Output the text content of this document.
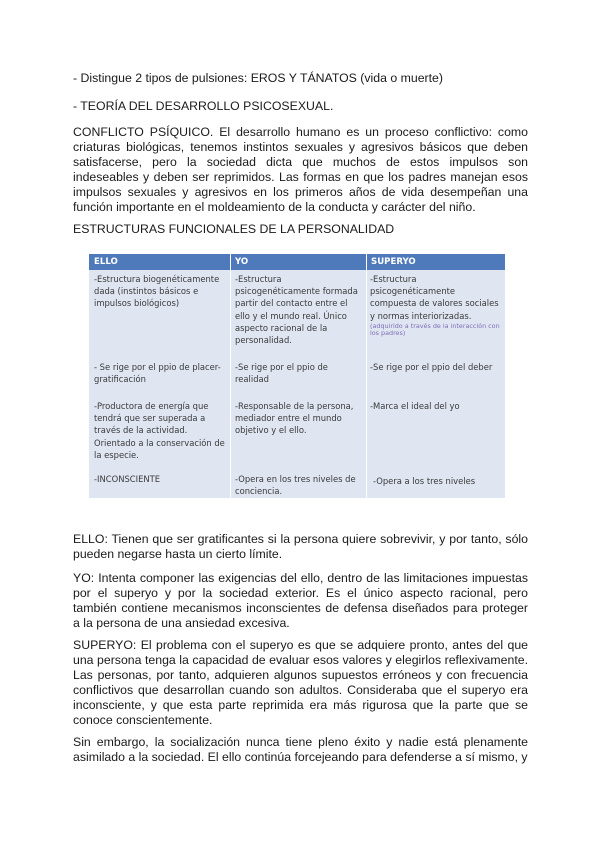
- Distingue 2 tipos de pulsiones: EROS Y TÁNATOS (vida o muerte)
- TEORÍA DEL DESARROLLO PSICOSEXUAL.

CONFLICTO PSÍQUICO. El desarrollo humano es un proceso conflictivo: como criaturas biológicas, tenemos instintos sexuales y agresivos básicos que deben satisfacerse, pero la sociedad dicta que muchos de estos impulsos son indeseables y deben ser reprimidos. Las formas en que los padres manejan esos impulsos sexuales y agresivos en los primeros años de vida desempeñan una función importante en el moldeamiento de la conducta y carácter del niño.

ESTRUCTURAS FUNCIONALES DE LA PERSONALIDAD
ELLO	YO	SUPERYO
-Estructura biogenéticamente dada (instintos básicos e impulsos biológicos)
- Se rige por el ppio de placer-gratificación
-Productora de energía que tendrá que ser superada a través de la actividad. Orientado a la conservación de la especie.
-INCONSCIENTE
-Estructura psicogenéticamente formada partir del contacto entre el ello y el mundo real. Único aspecto racional de la personalidad.
-Se rige por el ppio de realidad
-Responsable de la persona, mediador entre el mundo objetivo y el ello.
-Opera en los tres niveles de conciencia.
-Estructura psicogenéticamente compuesta de valores sociales y normas interiorizadas.
(adquirido a través de la interacción con los padres)
-Se rige por el ppio del deber
-Marca el ideal del yo
-Opera a los tres niveles

ELLO: Tienen que ser gratificantes si la persona quiere sobrevivir, y por tanto, sólo pueden negarse hasta un cierto límite.

YO: Intenta componer las exigencias del ello, dentro de las limitaciones impuestas por el superyo y por la sociedad exterior. Es el único aspecto racional, pero también contiene mecanismos inconscientes de defensa diseñados para proteger a la persona de una ansiedad excesiva.

SUPERYO: El problema con el superyo es que se adquiere pronto, antes del que una persona tenga la capacidad de evaluar esos valores y elegirlos reflexivamente. Las personas, por tanto, adquieren algunos supuestos erróneos y con frecuencia conflictivos que desarrollan cuando son adultos. Consideraba que el superyo era inconsciente, y que esta parte reprimida era más rigurosa que la parte que se conoce conscientemente.

Sin embargo, la socialización nunca tiene pleno éxito y nadie está plenamente asimilado a la sociedad. El ello continúa forcejeando para defenderse a sí mismo, y
